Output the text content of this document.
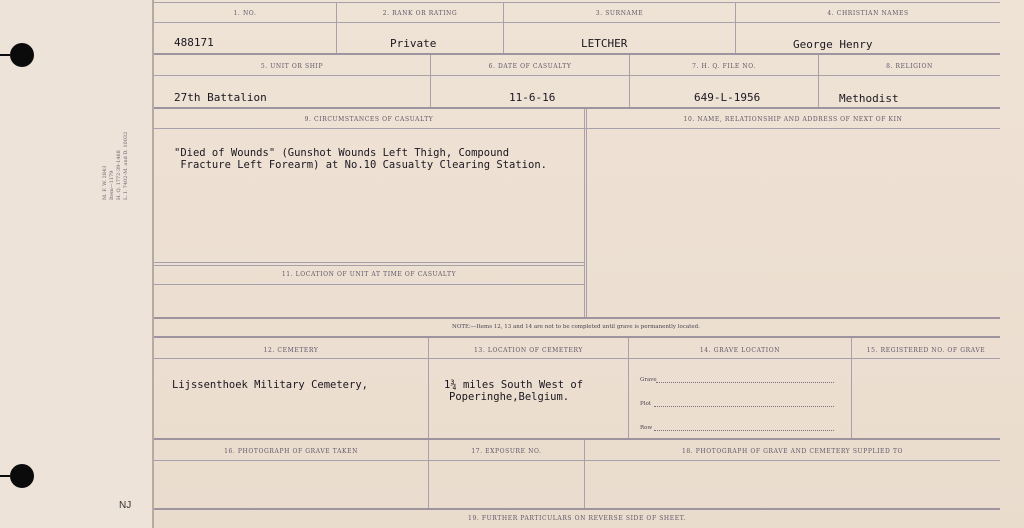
M. F. W. 2843 Item—1179 H. Q. 1772-39-1468 L. I. 7402-M. and D. 10032
NJ
1. NO.	2. RANK OR RATING	3. SURNAME	4. CHRISTIAN NAMES
488171	Private	LETCHER	George Henry
5. UNIT OR SHIP	6. DATE OF CASUALTY	7. H. Q. FILE NO.	8. RELIGION
27th Battalion	11-6-16	649-L-1956	Methodist
9. CIRCUMSTANCES OF CASUALTY	10. NAME, RELATIONSHIP AND ADDRESS OF NEXT OF KIN
"Died of Wounds" (Gunshot Wounds Left Thigh, Compound
Fracture Left Forearm) at No.10 Casualty Clearing Station.
11. LOCATION OF UNIT AT TIME OF CASUALTY
NOTE:—Items 12, 13 and 14 are not to be completed until grave is permanently located.
12. CEMETERY	13. LOCATION OF CEMETERY	14. GRAVE LOCATION	15. REGISTERED NO. OF GRAVE
Lijssenthoek Military Cemetery,	1¾ miles South West of
Poperinghe,Belgium.
Grave
Plot
Row
16. PHOTOGRAPH OF GRAVE TAKEN	17. EXPOSURE NO.	18. PHOTOGRAPH OF GRAVE AND CEMETERY SUPPLIED TO
19. FURTHER PARTICULARS ON REVERSE SIDE OF SHEET.
